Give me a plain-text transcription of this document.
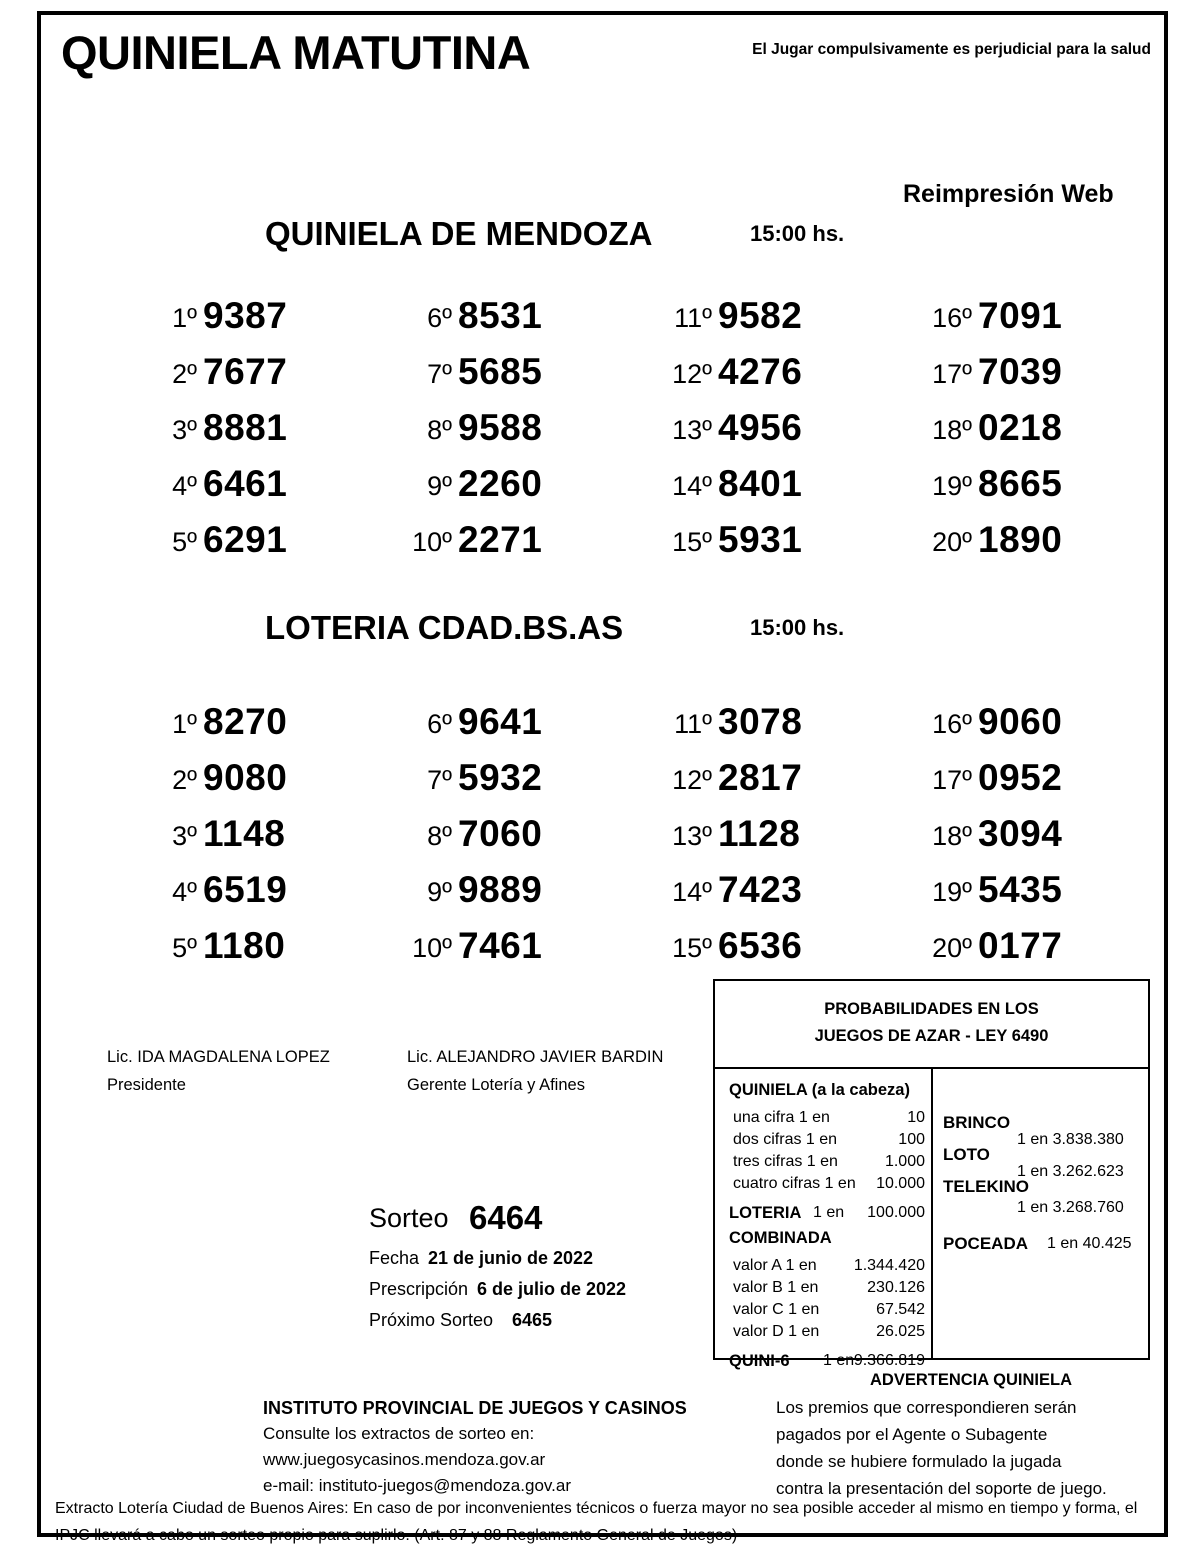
QUINIELA MATUTINA	El Jugar compulsivamente es perjudicial para la salud
Reimpresión Web
QUINIELA DE MENDOZA	15:00 hs.
1º 9387
2º 7677
3º 8881
4º 6461
5º 6291
6º 8531
7º 5685
8º 9588
9º 2260
10º 2271
11º 9582
12º 4276
13º 4956
14º 8401
15º 5931
16º 7091
17º 7039
18º 0218
19º 8665
20º 1890
LOTERIA CDAD.BS.AS	15:00 hs.
1º 8270
2º 9080
3º 1148
4º 6519
5º 1180
6º 9641
7º 5932
8º 7060
9º 9889
10º 7461
11º 3078
12º 2817
13º 1128
14º 7423
15º 6536
16º 9060
17º 0952
18º 3094
19º 5435
20º 0177
Lic. IDA MAGDALENA LOPEZ
Presidente
Lic. ALEJANDRO JAVIER BARDIN
Gerente Lotería y Afines
Sorteo 6464
Fecha 21 de junio de 2022
Prescripción 6 de julio de 2022
Próximo Sorteo 6465
PROBABILIDADES EN LOS
JUEGOS DE AZAR - LEY 6490
QUINIELA (a la cabeza)
una cifra 1 en	10
dos cifras 1 en	100
tres cifras 1 en	1.000
cuatro cifras 1 en 10.000
LOTERIA 1 en 100.000
COMBINADA
valor A 1 en 1.344.420
valor B 1 en	230.126
valor C 1 en	67.542
valor D 1 en	26.025
QUINI-6 1 en 9.366.819
BRINCO
1 en 3.838.380
LOTO
1 en 3.262.623
TELEKINO
1 en 3.268.760
POCEADA 1 en 40.425
INSTITUTO PROVINCIAL DE JUEGOS Y CASINOS
Consulte los extractos de sorteo en:
www.juegosycasinos.mendoza.gov.ar
e-mail: instituto-juegos@mendoza.gov.ar
ADVERTENCIA QUINIELA
Los premios que correspondieren serán
pagados por el Agente o Subagente
donde se hubiere formulado la jugada
contra la presentación del soporte de juego.
Extracto Lotería Ciudad de Buenos Aires: En caso de por inconvenientes técnicos o fuerza mayor no sea posible acceder al mismo en tiempo y forma, el IPJC llevará a cabo un sorteo propio para suplirlo. (Art. 87 y 88 Reglamento General de Juegos)
